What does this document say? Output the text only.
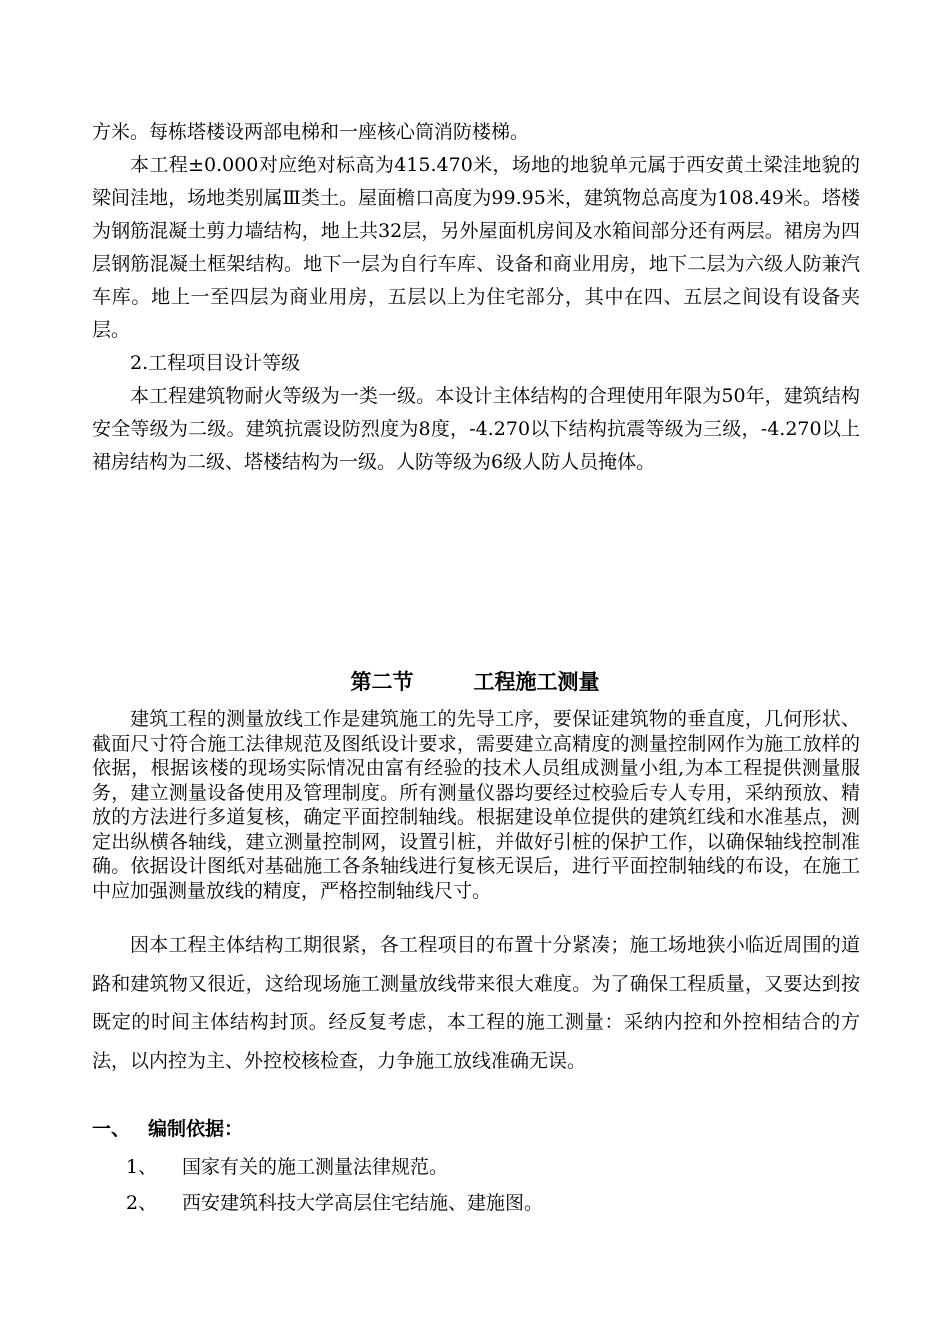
方米。每栋塔楼设两部电梯和一座核心筒消防楼梯。

本工程±0.000对应绝对标高为415.470米，场地的地貌单元属于西安黄土梁洼地貌的梁间洼地，场地类别属Ⅲ类土。屋面檐口高度为99.95米，建筑物总高度为108.49米。塔楼为钢筋混凝土剪力墙结构，地上共32层，另外屋面机房间及水箱间部分还有两层。裙房为四层钢筋混凝土框架结构。地下一层为自行车库、设备和商业用房，地下二层为六级人防兼汽车库。地上一至四层为商业用房，五层以上为住宅部分，其中在四、五层之间设有设备夹层。

2.工程项目设计等级

本工程建筑物耐火等级为一类一级。本设计主体结构的合理使用年限为50年，建筑结构安全等级为二级。建筑抗震设防烈度为8度，-4.270以下结构抗震等级为三级，-4.270以上裙房结构为二级、塔楼结构为一级。人防等级为6级人防人员掩体。

第二节	工程施工测量

建筑工程的测量放线工作是建筑施工的先导工序，要保证建筑物的垂直度，几何形状、截面尺寸符合施工法律规范及图纸设计要求，需要建立高精度的测量控制网作为施工放样的依据，根据该楼的现场实际情况由富有经验的技术人员组成测量小组,为本工程提供测量服务，建立测量设备使用及管理制度。所有测量仪器均要经过校验后专人专用，采纳预放、精放的方法进行多道复核，确定平面控制轴线。根据建设单位提供的建筑红线和水准基点，测定出纵横各轴线，建立测量控制网，设置引桩，并做好引桩的保护工作，以确保轴线控制准确。依据设计图纸对基础施工各条轴线进行复核无误后，进行平面控制轴线的布设，在施工中应加强测量放线的精度，严格控制轴线尺寸。

因本工程主体结构工期很紧，各工程项目的布置十分紧凑；施工场地狭小临近周围的道路和建筑物又很近，这给现场施工测量放线带来很大难度。为了确保工程质量，又要达到按既定的时间主体结构封顶。经反复考虑，本工程的施工测量：采纳内控和外控相结合的方法，以内控为主、外控校核检查，力争施工放线准确无误。

一、 编制依据：
1、 国家有关的施工测量法律规范。
2、 西安建筑科技大学高层住宅结施、建施图。
